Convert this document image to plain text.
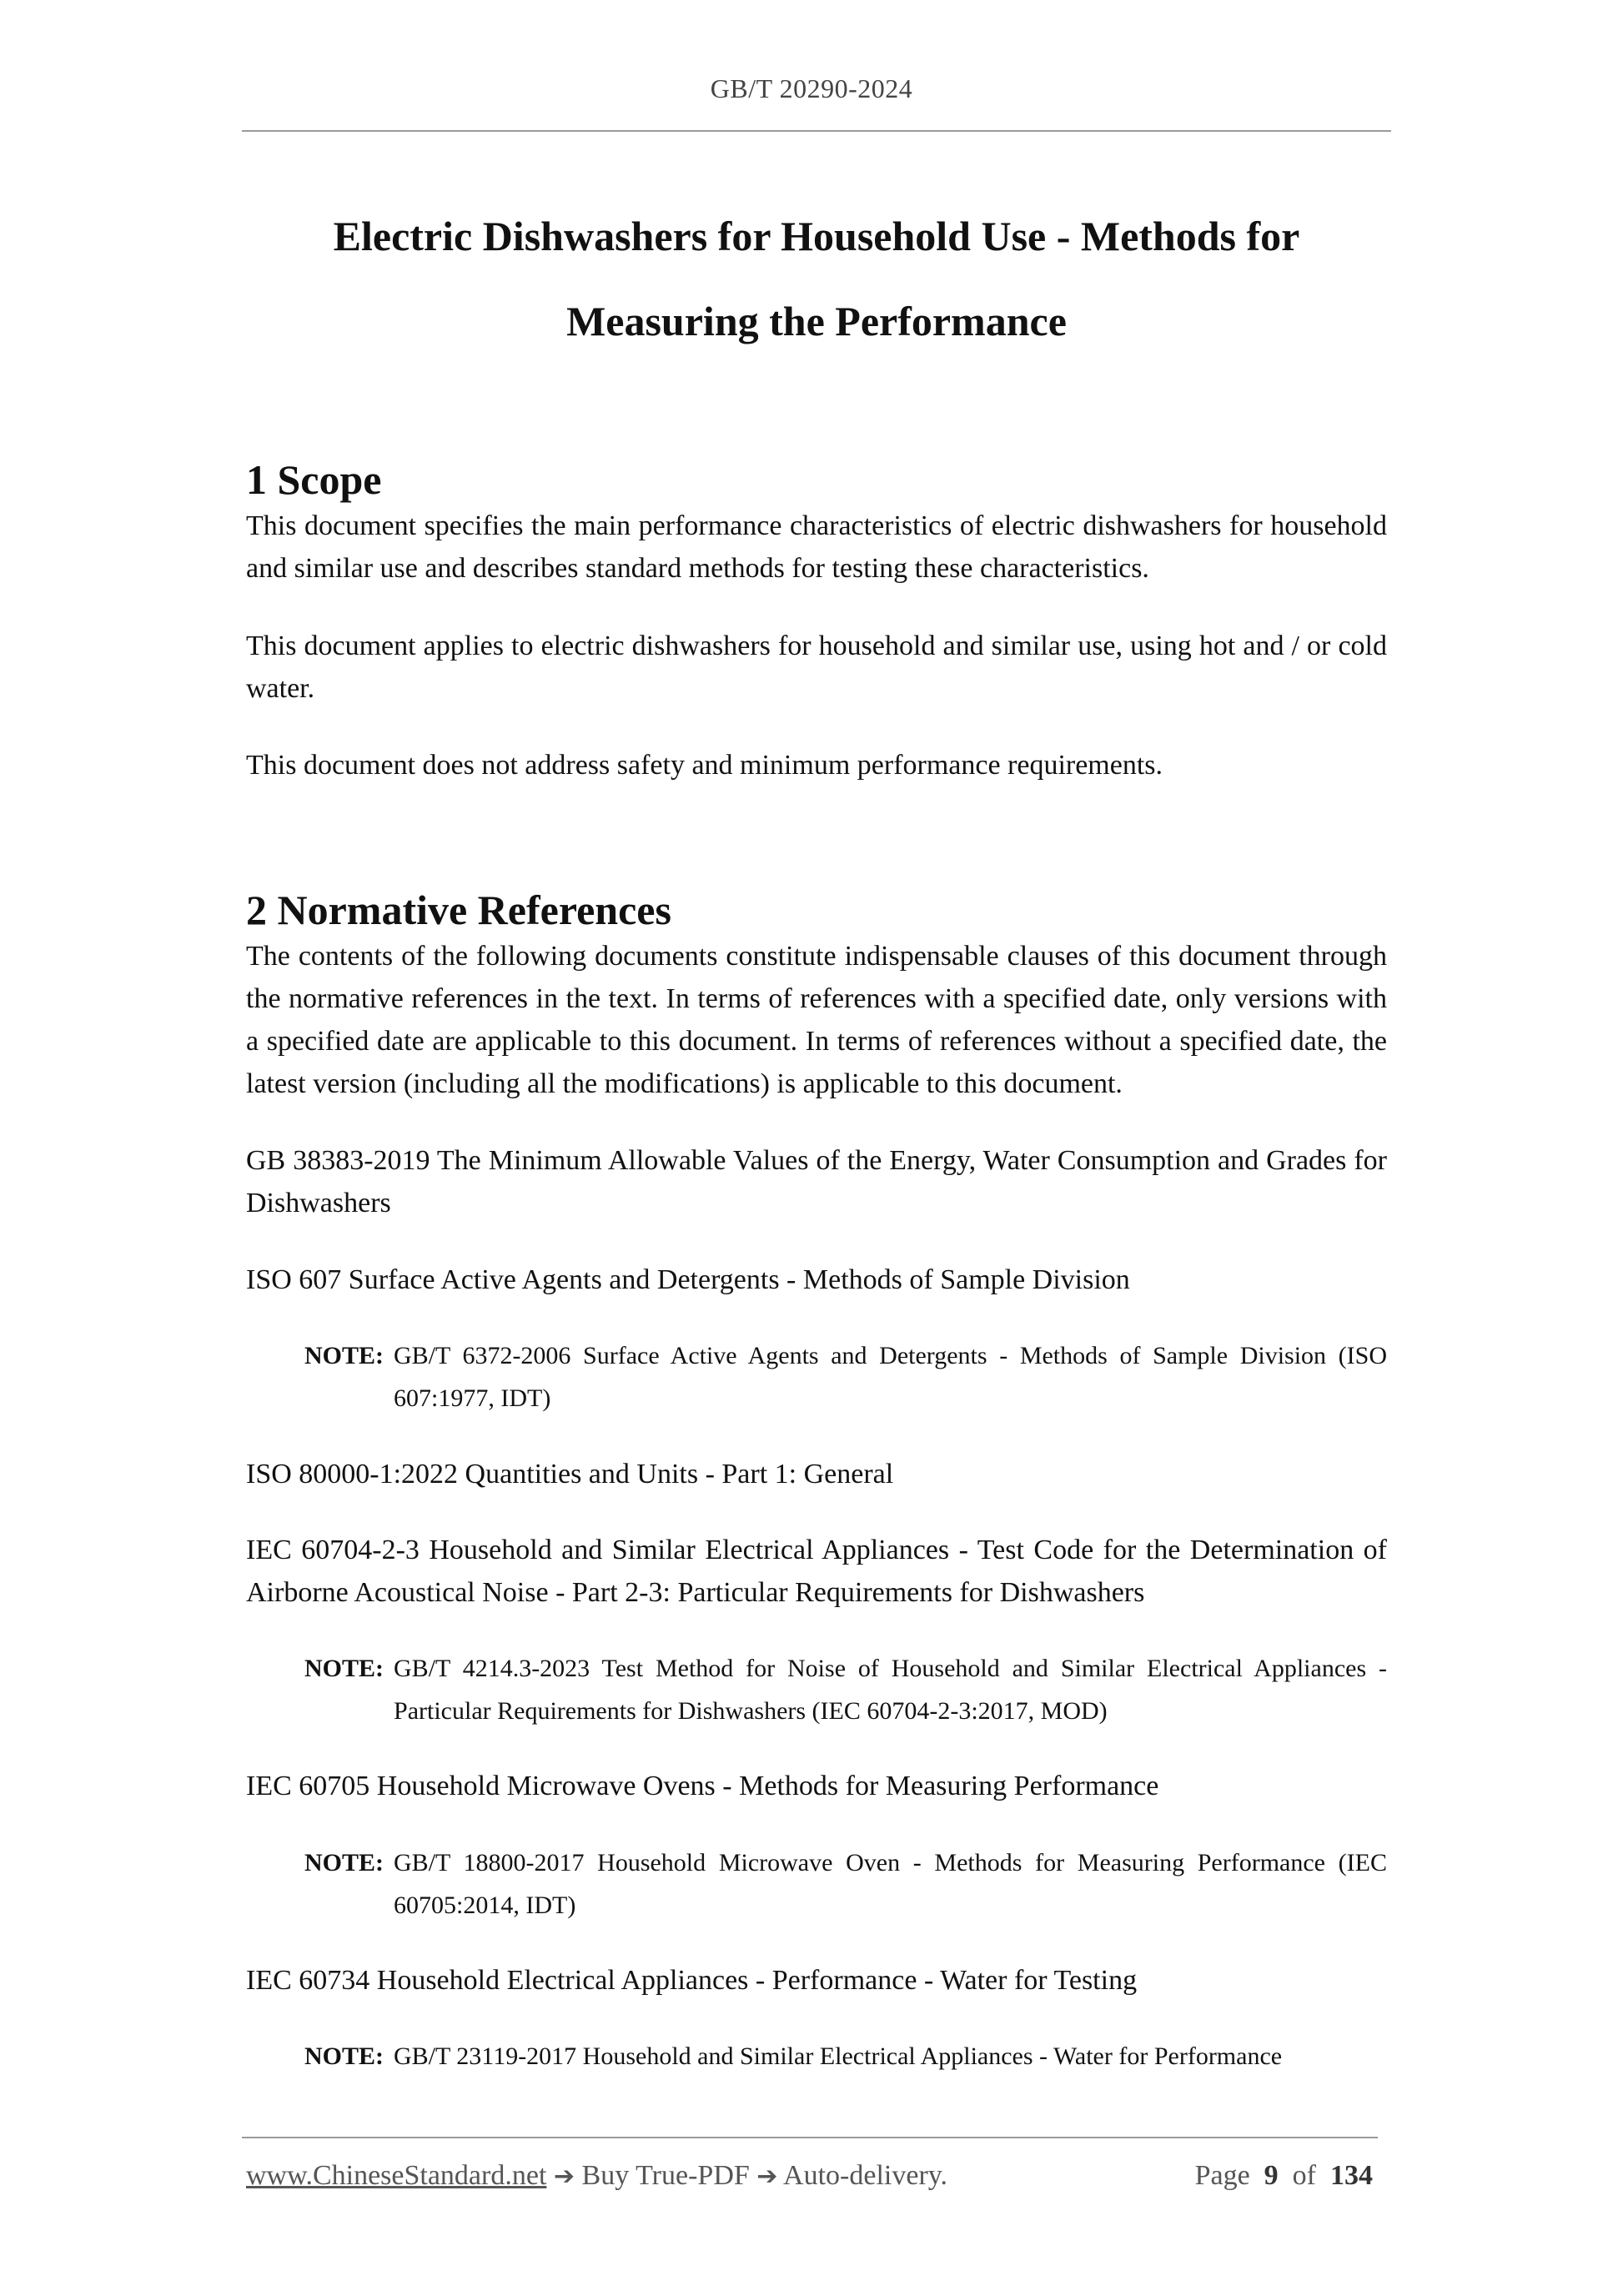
GB/T 20290-2024
Electric Dishwashers for Household Use - Methods for
Measuring the Performance
1 Scope

This document specifies the main performance characteristics of electric dishwashers for household and similar use and describes standard methods for testing these characteristics.

This document applies to electric dishwashers for household and similar use, using hot and / or cold water.

This document does not address safety and minimum performance requirements.

2 Normative References

The contents of the following documents constitute indispensable clauses of this document through the normative references in the text. In terms of references with a specified date, only versions with a specified date are applicable to this document. In terms of references without a specified date, the latest version (including all the modifications) is applicable to this document.

GB 38383-2019 The Minimum Allowable Values of the Energy, Water Consumption and Grades for Dishwashers

ISO 607 Surface Active Agents and Detergents - Methods of Sample Division

NOTE: GB/T 6372-2006 Surface Active Agents and Detergents - Methods of Sample Division (ISO 607:1977, IDT)

ISO 80000-1:2022 Quantities and Units - Part 1: General

IEC 60704-2-3 Household and Similar Electrical Appliances - Test Code for the Determination of Airborne Acoustical Noise - Part 2-3: Particular Requirements for Dishwashers

NOTE: GB/T 4214.3-2023 Test Method for Noise of Household and Similar Electrical Appliances - Particular Requirements for Dishwashers (IEC 60704-2-3:2017, MOD)

IEC 60705 Household Microwave Ovens - Methods for Measuring Performance

NOTE: GB/T 18800-2017 Household Microwave Oven - Methods for Measuring Performance (IEC 60705:2014, IDT)

IEC 60734 Household Electrical Appliances - Performance - Water for Testing

NOTE: GB/T 23119-2017 Household and Similar Electrical Appliances - Water for Performance
www.ChineseStandard.net ➔ Buy True-PDF ➔ Auto-delivery.	Page 9 of 134
